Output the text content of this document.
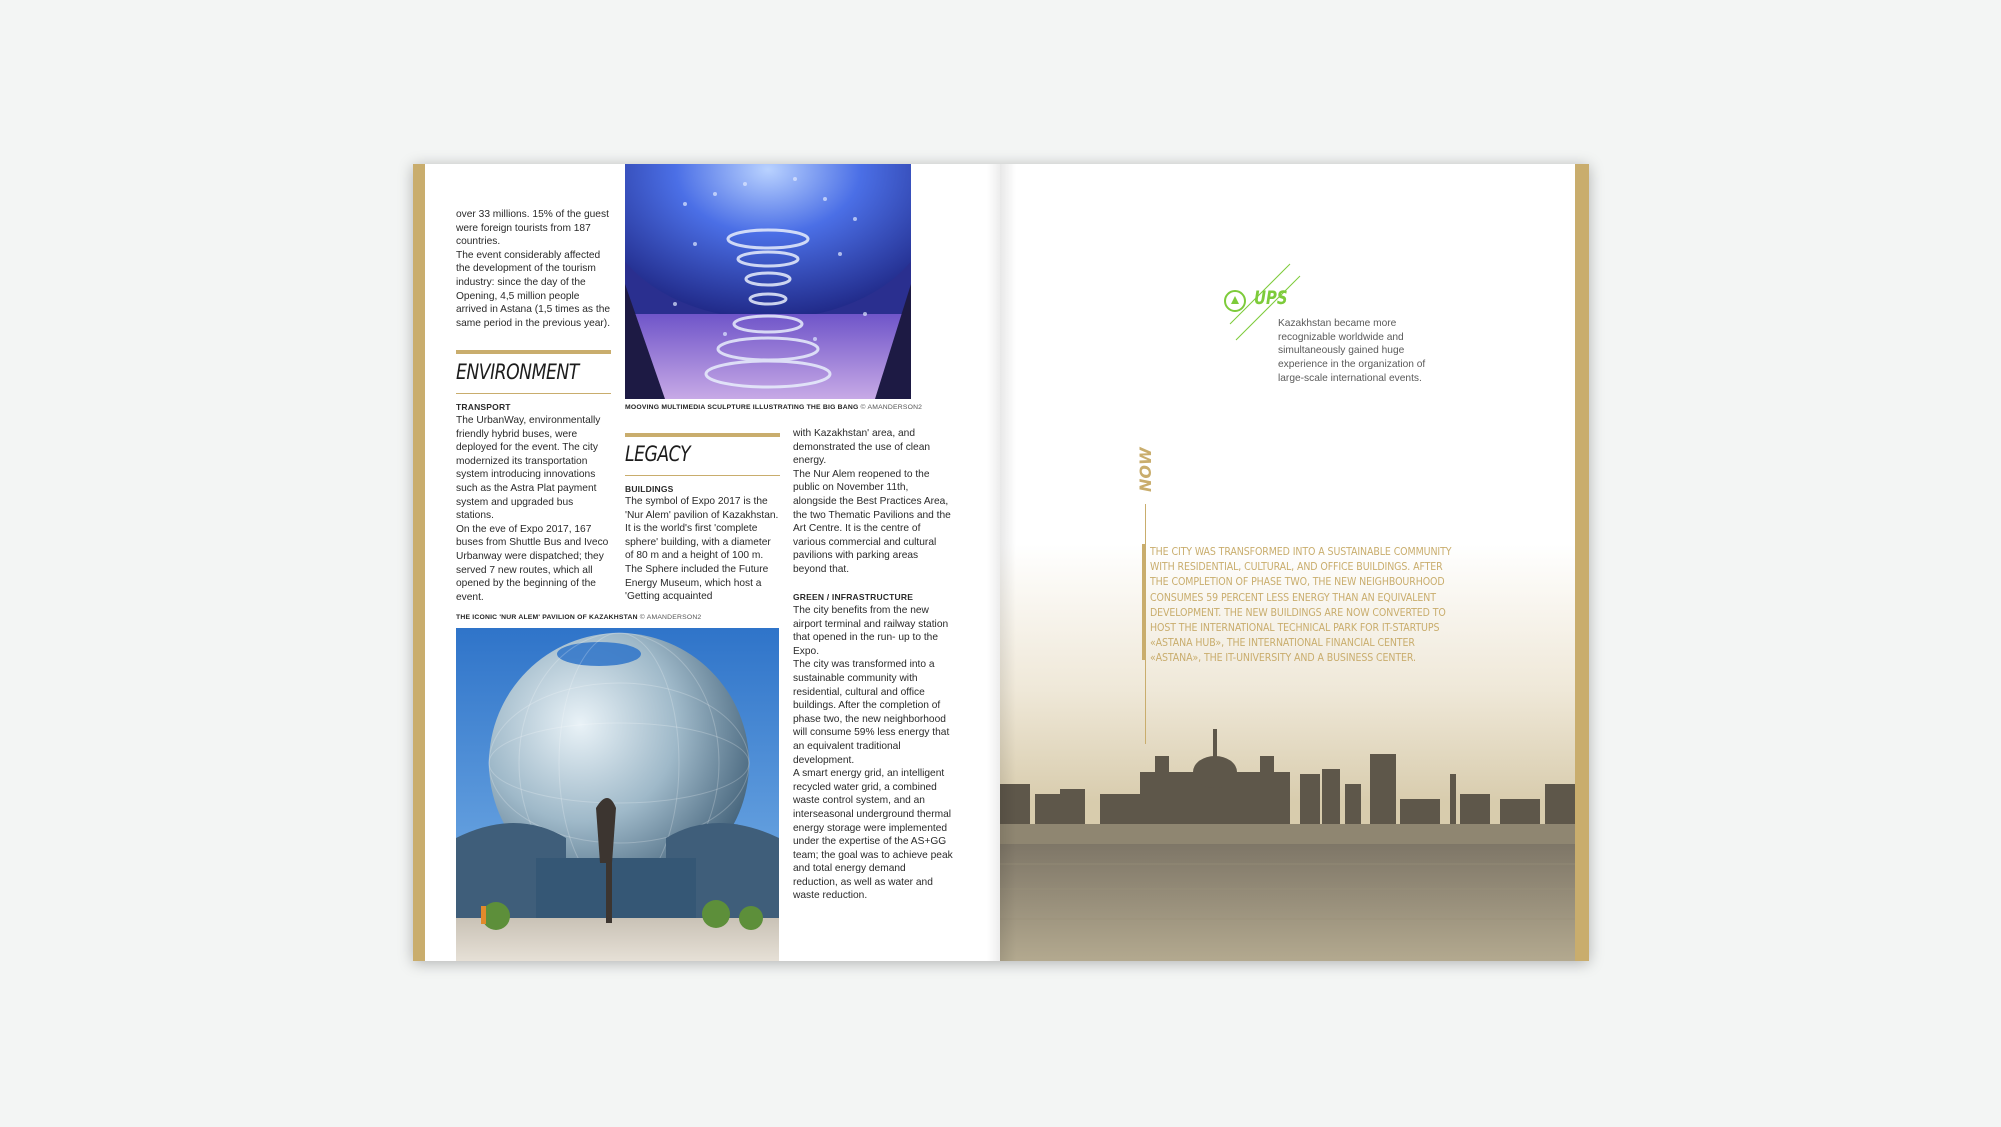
over 33 millions. 15% of the guest were foreign tourists from 187 countries.
The event considerably affected the development of the tourism industry: since the day of the Opening, 4,5 million people arrived in Astana (1,5 times as the same period in the previous year).
ENVIRONMENT
TRANSPORT
The UrbanWay, environmentally friendly hybrid buses, were deployed for the event. The city modernized its transportation system introducing innovations such as the Astra Plat payment system and upgraded bus stations.
On the eve of Expo 2017, 167 buses from Shuttle Bus and Iveco Urbanway were dispatched; they served 7 new routes, which all opened by the beginning of the event.
THE ICONIC 'NUR ALEM' PAVILION OF KAZAKHSTAN © AMANDERSON2
MOOVING MULTIMEDIA SCULPTURE ILLUSTRATING THE BIG BANG © AMANDERSON2
LEGACY
BUILDINGS
The symbol of Expo 2017 is the 'Nur Alem' pavilion of Kazakhstan. It is the world's first 'complete sphere' building, with a diameter of 80 m and a height of 100 m. The Sphere included the Future Energy Museum, which host a 'Getting acquainted
with Kazakhstan' area, and demonstrated the use of clean energy.
The Nur Alem reopened to the public on November 11th, alongside the Best Practices Area, the two Thematic Pavilions and the Art Centre. It is the centre of various commercial and cultural pavilions with parking areas beyond that.
GREEN / INFRASTRUCTURE
The city benefits from the new airport terminal and railway station that opened in the run- up to the Expo.
The city was transformed into a sustainable community with residential, cultural and office buildings. After the completion of phase two, the new neighborhood will consume 59% less energy that an equivalent traditional development.
A smart energy grid, an intelligent recycled water grid, a combined waste control system, and an interseasonal underground thermal energy storage were implemented under the expertise of the AS+GG team; the goal was to achieve peak and total energy demand reduction, as well as water and waste reduction.
UPS
Kazakhstan became more recognizable worldwide and simultaneously gained huge experience in the organization of large-scale international events.
NOW
THE CITY WAS TRANSFORMED INTO A SUSTAINABLE COMMUNITY WITH RESIDENTIAL, CULTURAL, AND OFFICE BUILDINGS. AFTER THE COMPLETION OF PHASE TWO, THE NEW NEIGHBOURHOOD CONSUMES 59 PERCENT LESS ENERGY THAN AN EQUIVALENT DEVELOPMENT. THE NEW BUILDINGS ARE NOW CONVERTED TO HOST THE INTERNATIONAL TECHNICAL PARK FOR IT-STARTUPS «ASTANA HUB», THE INTERNATIONAL FINANCIAL CENTER «ASTANA», THE IT-UNIVERSITY AND A BUSINESS CENTER.
